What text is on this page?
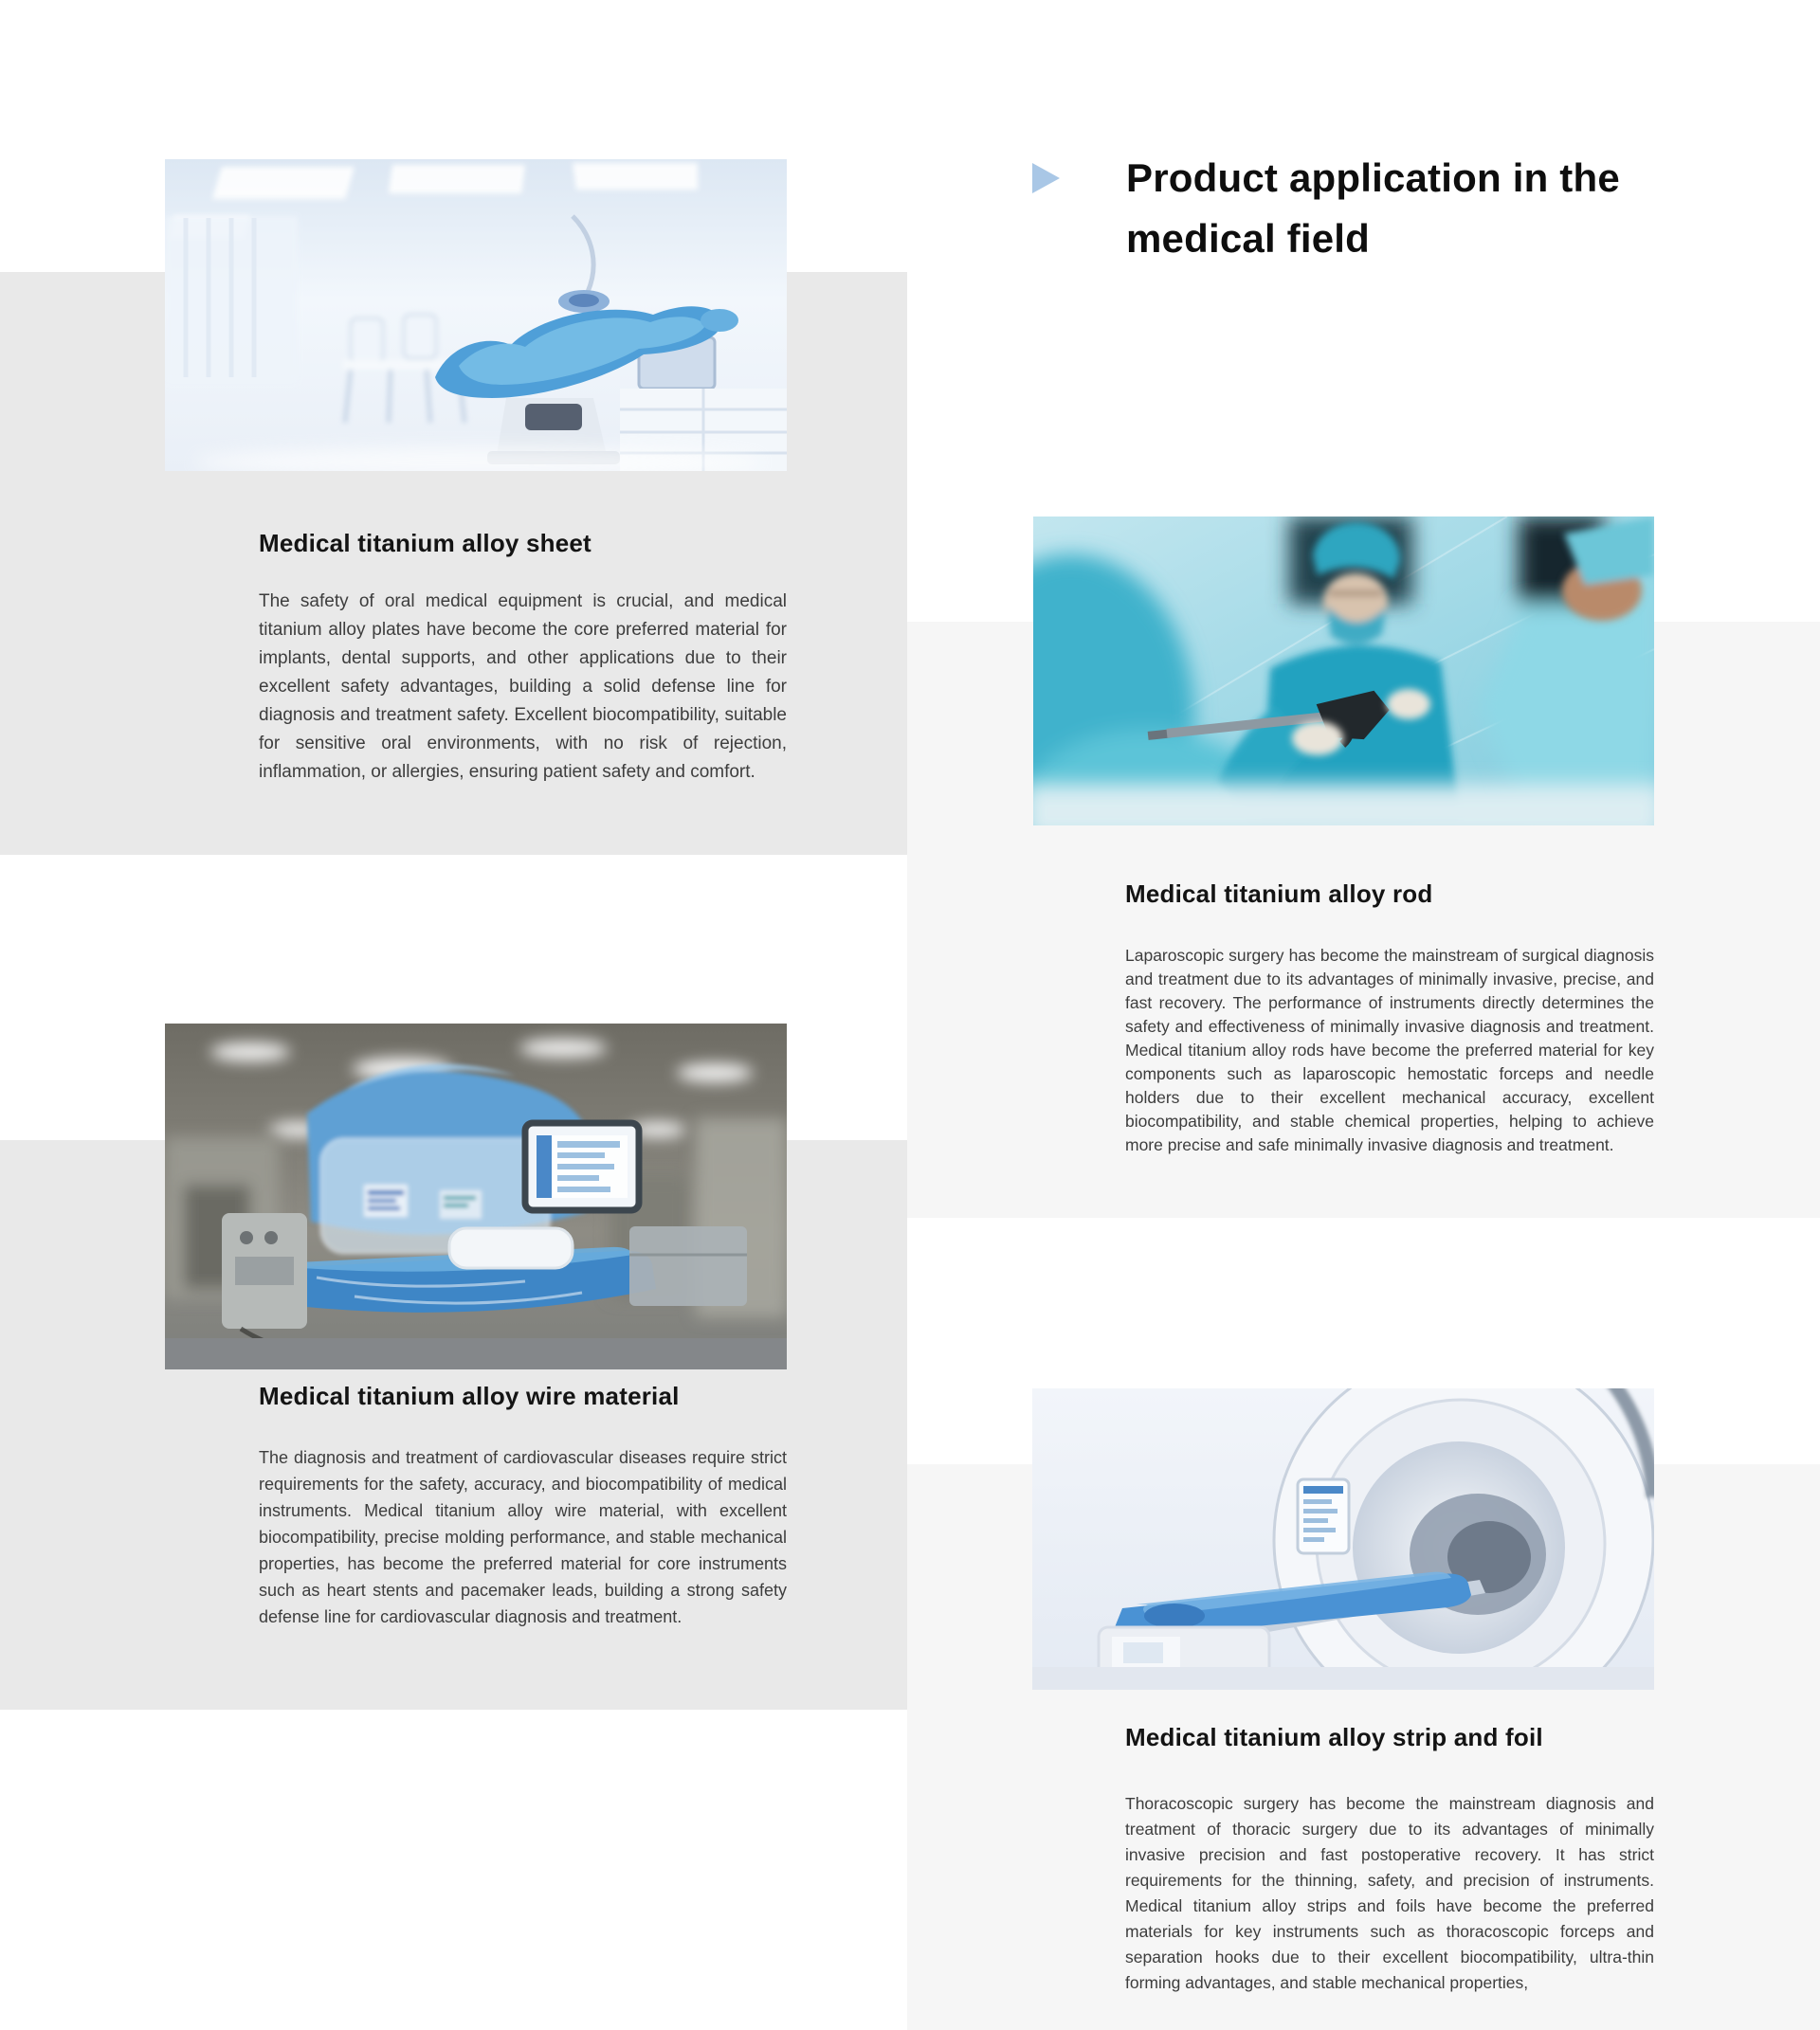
Product application in the medical field
Medical titanium alloy sheet

The safety of oral medical equipment is crucial, and medical titanium alloy plates have become the core preferred material for implants, dental supports, and other applications due to their excellent safety advantages, building a solid defense line for diagnosis and treatment safety. Excellent biocompatibility, suitable for sensitive oral environments, with no risk of rejection, inflammation, or allergies, ensuring patient safety and comfort.

Medical titanium alloy rod

Laparoscopic surgery has become the mainstream of surgical diagnosis and treatment due to its advantages of minimally invasive, precise, and fast recovery. The performance of instruments directly determines the safety and effectiveness of minimally invasive diagnosis and treatment. Medical titanium alloy rods have become the preferred material for key components such as laparoscopic hemostatic forceps and needle holders due to their excellent mechanical accuracy, excellent biocompatibility, and stable chemical properties, helping to achieve more precise and safe minimally invasive diagnosis and treatment.

Medical titanium alloy wire material

The diagnosis and treatment of cardiovascular diseases require strict requirements for the safety, accuracy, and biocompatibility of medical instruments. Medical titanium alloy wire material, with excellent biocompatibility, precise molding performance, and stable mechanical properties, has become the preferred material for core instruments such as heart stents and pacemaker leads, building a strong safety defense line for cardiovascular diagnosis and treatment.

Medical titanium alloy strip and foil

Thoracoscopic surgery has become the mainstream diagnosis and treatment of thoracic surgery due to its advantages of minimally invasive precision and fast postoperative recovery. It has strict requirements for the thinning, safety, and precision of instruments. Medical titanium alloy strips and foils have become the preferred materials for key instruments such as thoracoscopic forceps and separation hooks due to their excellent biocompatibility, ultra-thin forming advantages, and stable mechanical properties,
